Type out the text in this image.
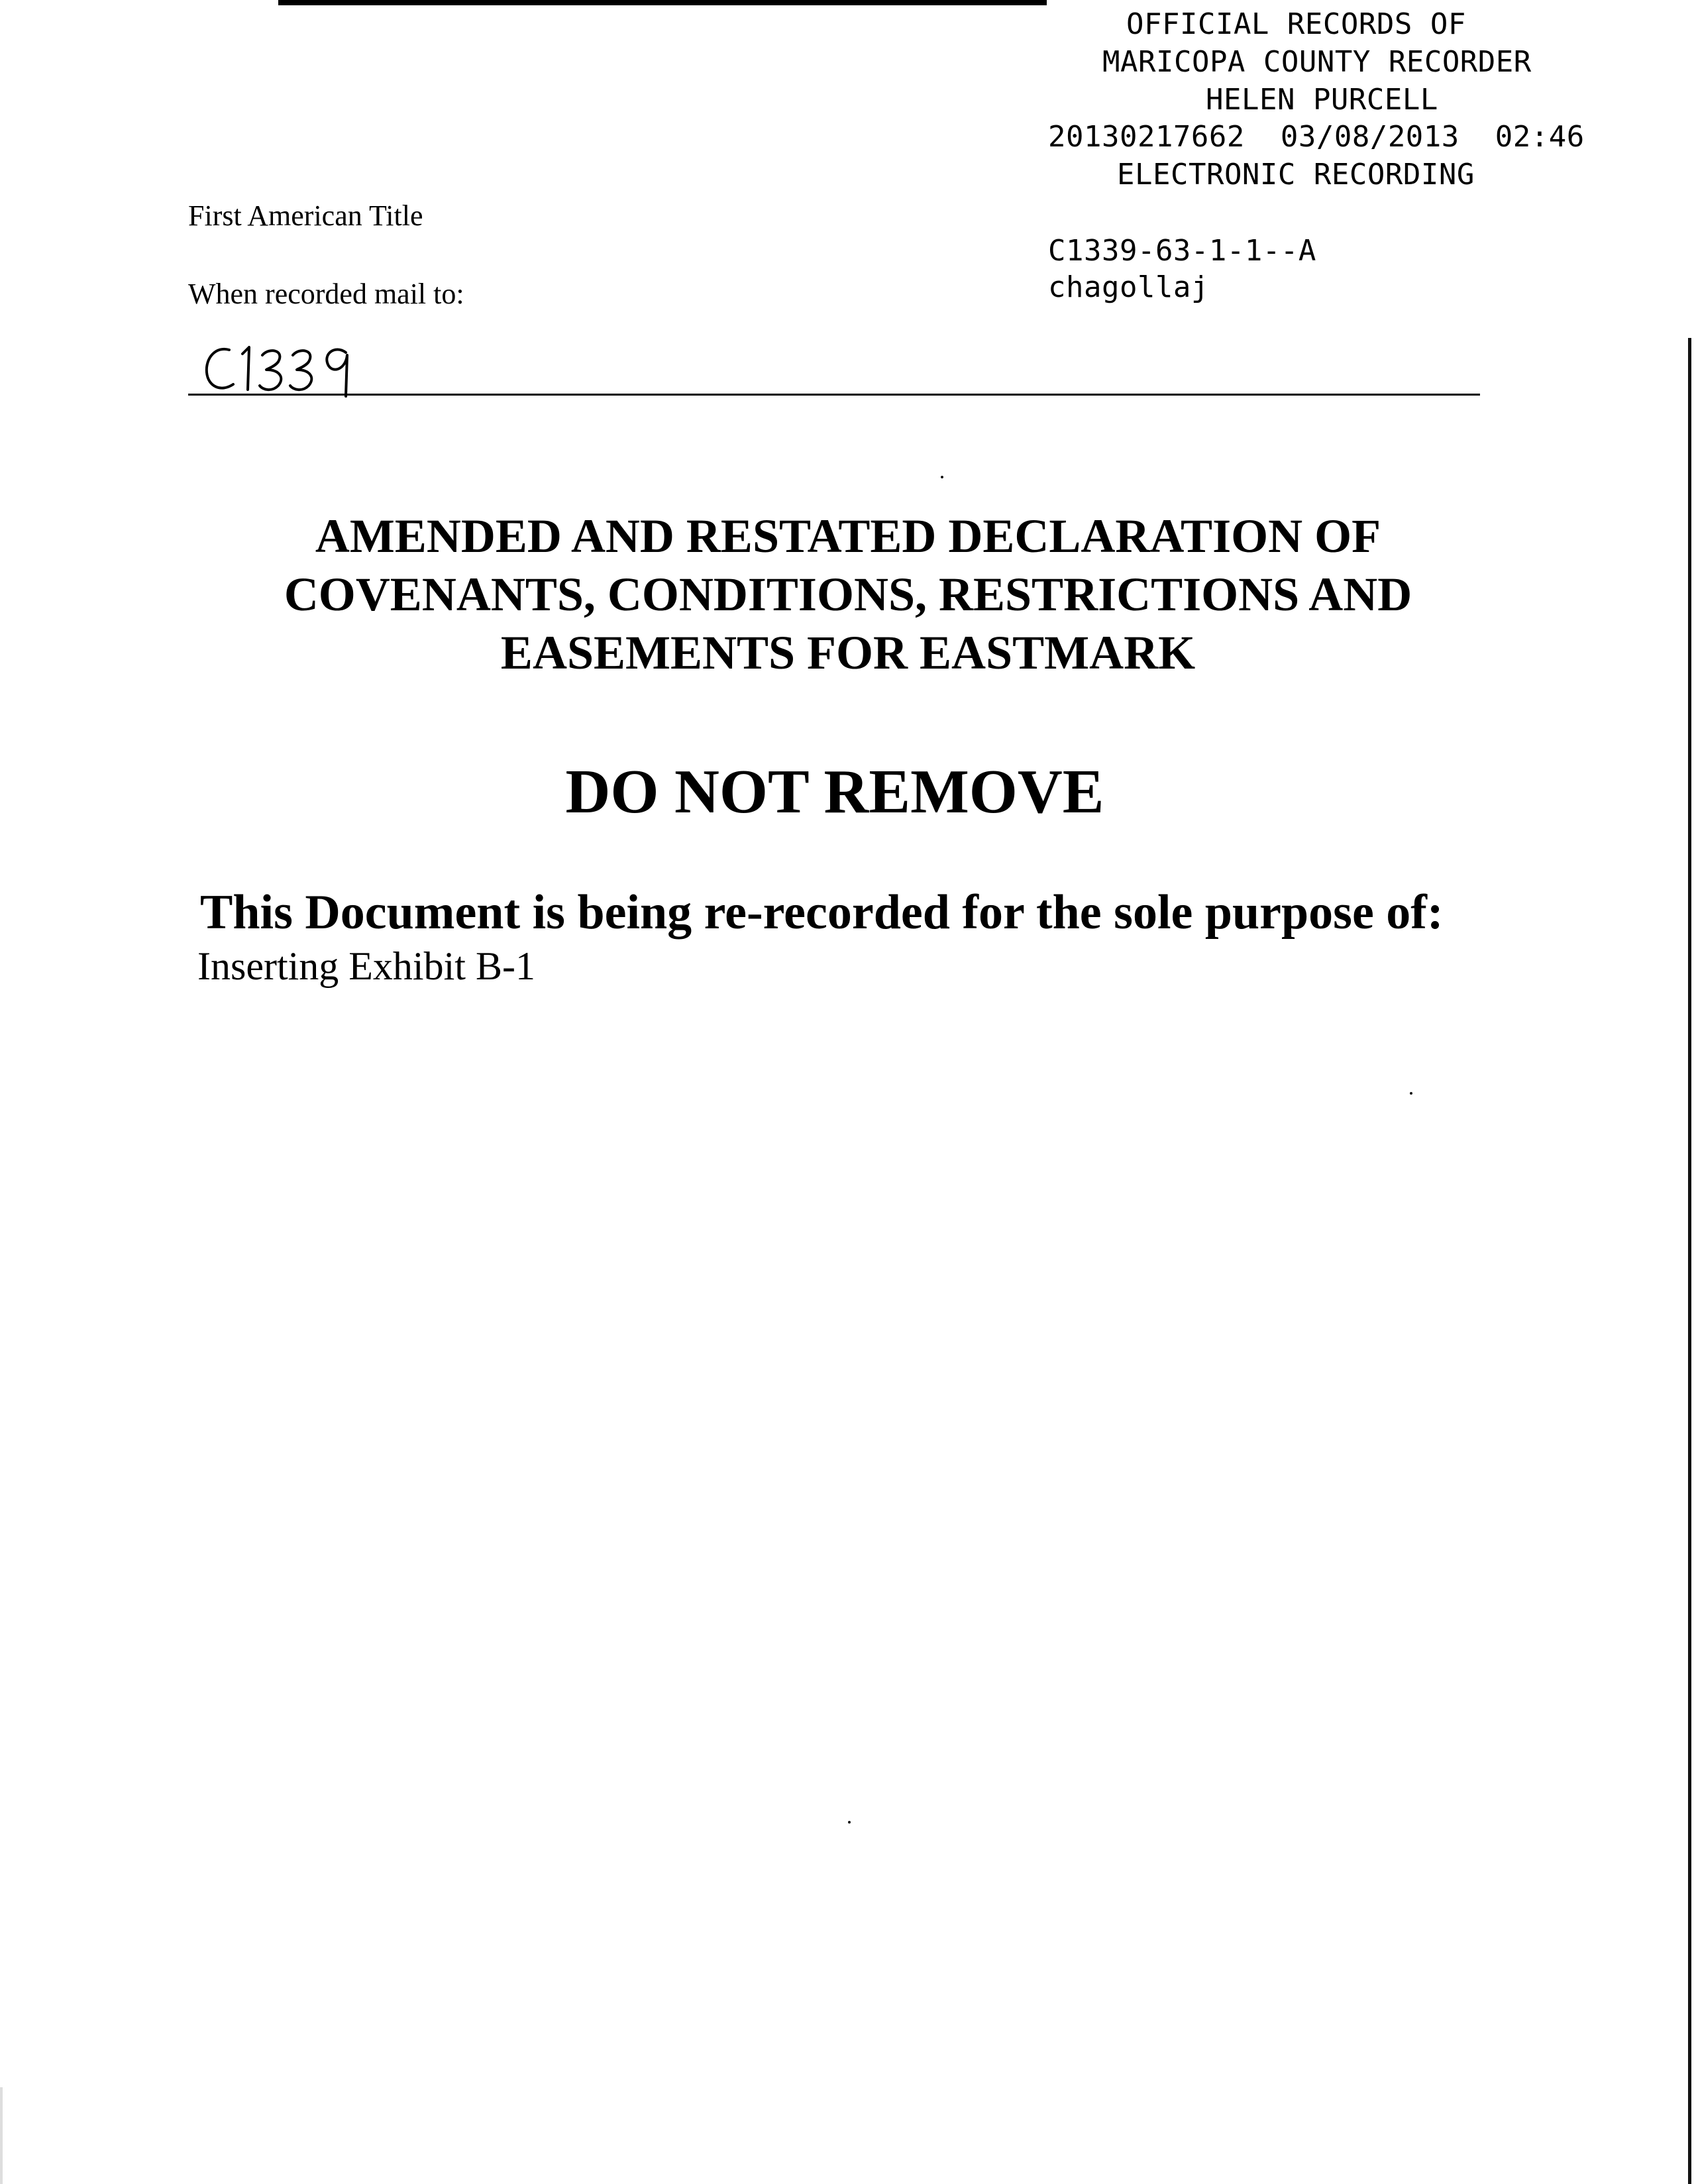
OFFICIAL RECORDS OF

MARICOPA COUNTY RECORDER

HELEN PURCELL

20130217662  03/08/2013  02:46

ELECTRONIC RECORDING

C1339-63-1-1--A

chagollaj

First American Title
When recorded mail to:
AMENDED AND RESTATED DECLARATION OF
COVENANTS, CONDITIONS, RESTRICTIONS AND
EASEMENTS FOR EASTMARK
DO NOT REMOVE
This Document is being re-recorded for the sole purpose of:
Inserting Exhibit B-1
